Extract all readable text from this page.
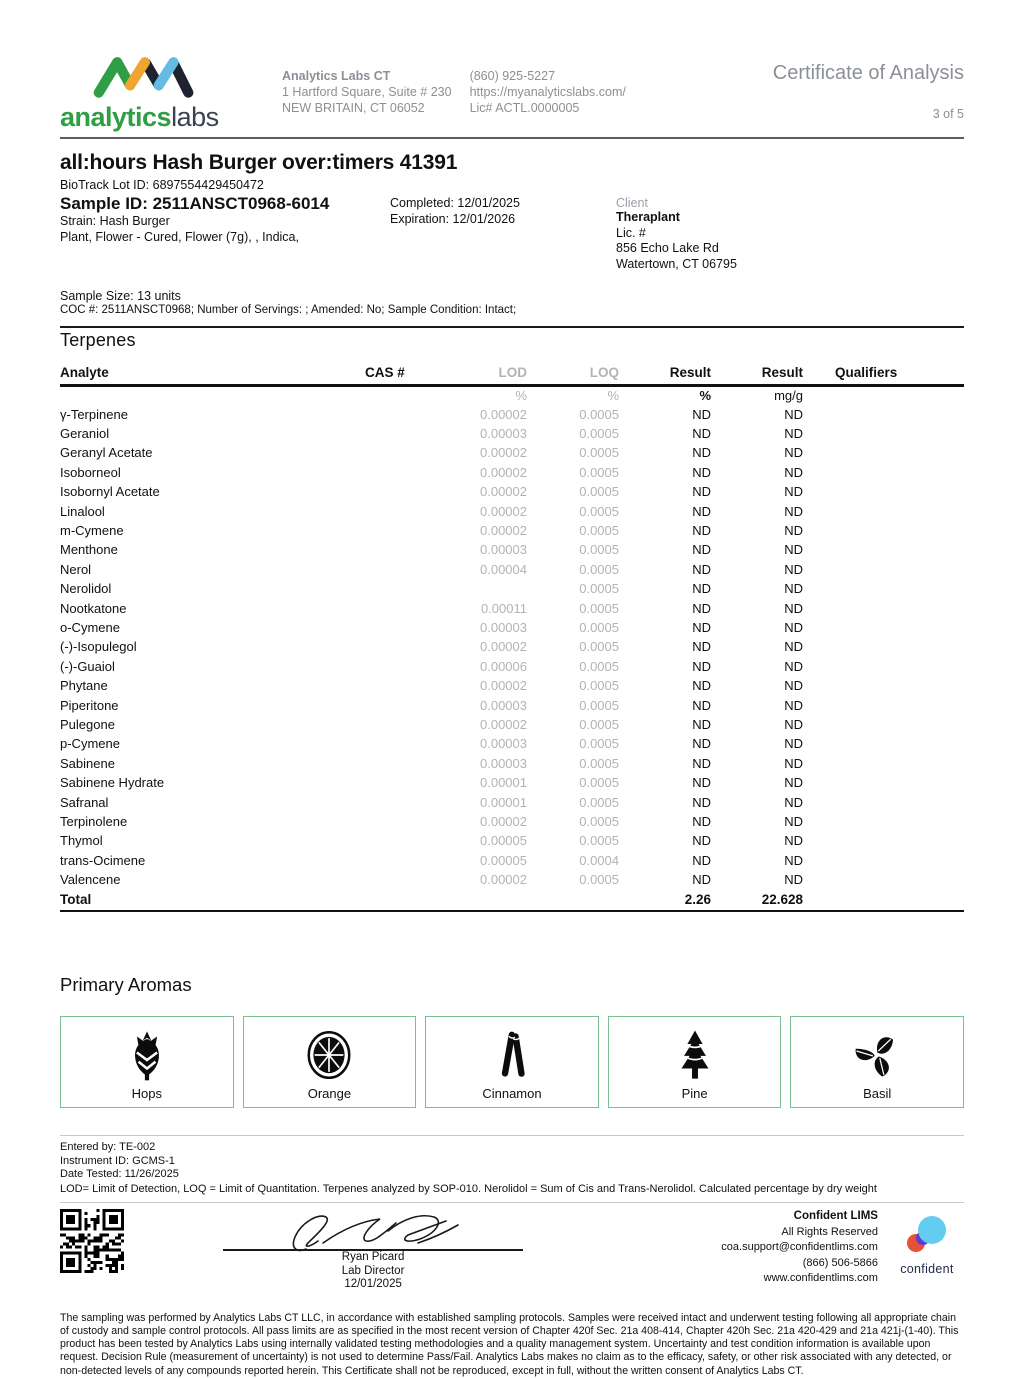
analyticslabs
Analytics Labs CT
1 Hartford Square, Suite # 230
NEW BRITAIN, CT 06052
(860) 925-5227
https://myanalyticslabs.com/
Lic# ACTL.0000005
Certificate of Analysis
3 of 5
all:hours Hash Burger over:timers 41391
BioTrack Lot ID: 6897554429450472
Sample ID: 2511ANSCT0968-6014
Strain: Hash Burger
Plant, Flower - Cured, Flower (7g), , Indica,
Completed: 12/01/2025
Expiration: 12/01/2026
Client
Theraplant
Lic. #
856 Echo Lake Rd
Watertown, CT 06795
Sample Size: 13 units
COC #: 2511ANSCT0968; Number of Servings: ; Amended: No; Sample Condition: Intact;
Terpenes
Analyte	CAS #	LOD	LOQ	Result	Result	Qualifiers
		%	%	%	mg/g	
γ-Terpinene		0.00002	0.0005	ND	ND	
Geraniol		0.00003	0.0005	ND	ND	
Geranyl Acetate		0.00002	0.0005	ND	ND	
Isoborneol		0.00002	0.0005	ND	ND	
Isobornyl Acetate		0.00002	0.0005	ND	ND	
Linalool		0.00002	0.0005	ND	ND	
m-Cymene		0.00002	0.0005	ND	ND	
Menthone		0.00003	0.0005	ND	ND	
Nerol		0.00004	0.0005	ND	ND	
Nerolidol			0.0005	ND	ND	
Nootkatone		0.00011	0.0005	ND	ND	
o-Cymene		0.00003	0.0005	ND	ND	
(-)-Isopulegol		0.00002	0.0005	ND	ND	
(-)-Guaiol		0.00006	0.0005	ND	ND	
Phytane		0.00002	0.0005	ND	ND	
Piperitone		0.00003	0.0005	ND	ND	
Pulegone		0.00002	0.0005	ND	ND	
p-Cymene		0.00003	0.0005	ND	ND	
Sabinene		0.00003	0.0005	ND	ND	
Sabinene Hydrate		0.00001	0.0005	ND	ND	
Safranal		0.00001	0.0005	ND	ND	
Terpinolene		0.00002	0.0005	ND	ND	
Thymol		0.00005	0.0005	ND	ND	
trans-Ocimene		0.00005	0.0004	ND	ND	
Valencene		0.00002	0.0005	ND	ND	
Total				2.26	22.628	
Primary Aromas
Hops	Orange	Cinnamon	Pine	Basil
Entered by: TE-002
Instrument ID: GCMS-1
Date Tested: 11/26/2025
LOD= Limit of Detection, LOQ = Limit of Quantitation. Terpenes analyzed by SOP-010. Nerolidol = Sum of Cis and Trans-Nerolidol. Calculated percentage by dry weight
Ryan Picard
Lab Director
12/01/2025
Confident LIMS
All Rights Reserved
coa.support@confidentlims.com
(866) 506-5866
www.confidentlims.com
confident
The sampling was performed by Analytics Labs CT LLC, in accordance with established sampling protocols. Samples were received intact and underwent testing following all appropriate chain of custody and sample control protocols. All pass limits are as specified in the most recent version of Chapter 420f Sec. 21a 408-414, Chapter 420h Sec. 21a 420-429 and 21a 421j-(1-40). This product has been tested by Analytics Labs using internally validated testing methodologies and a quality management system. Uncertainty and test condition information is available upon request. Decision Rule (measurement of uncertainty) is not used to determine Pass/Fail. Analytics Labs makes no claim as to the efficacy, safety, or other risk associated with any detected, or non-detected levels of any compounds reported herein. This Certificate shall not be reproduced, except in full, without the written consent of Analytics Labs CT.
